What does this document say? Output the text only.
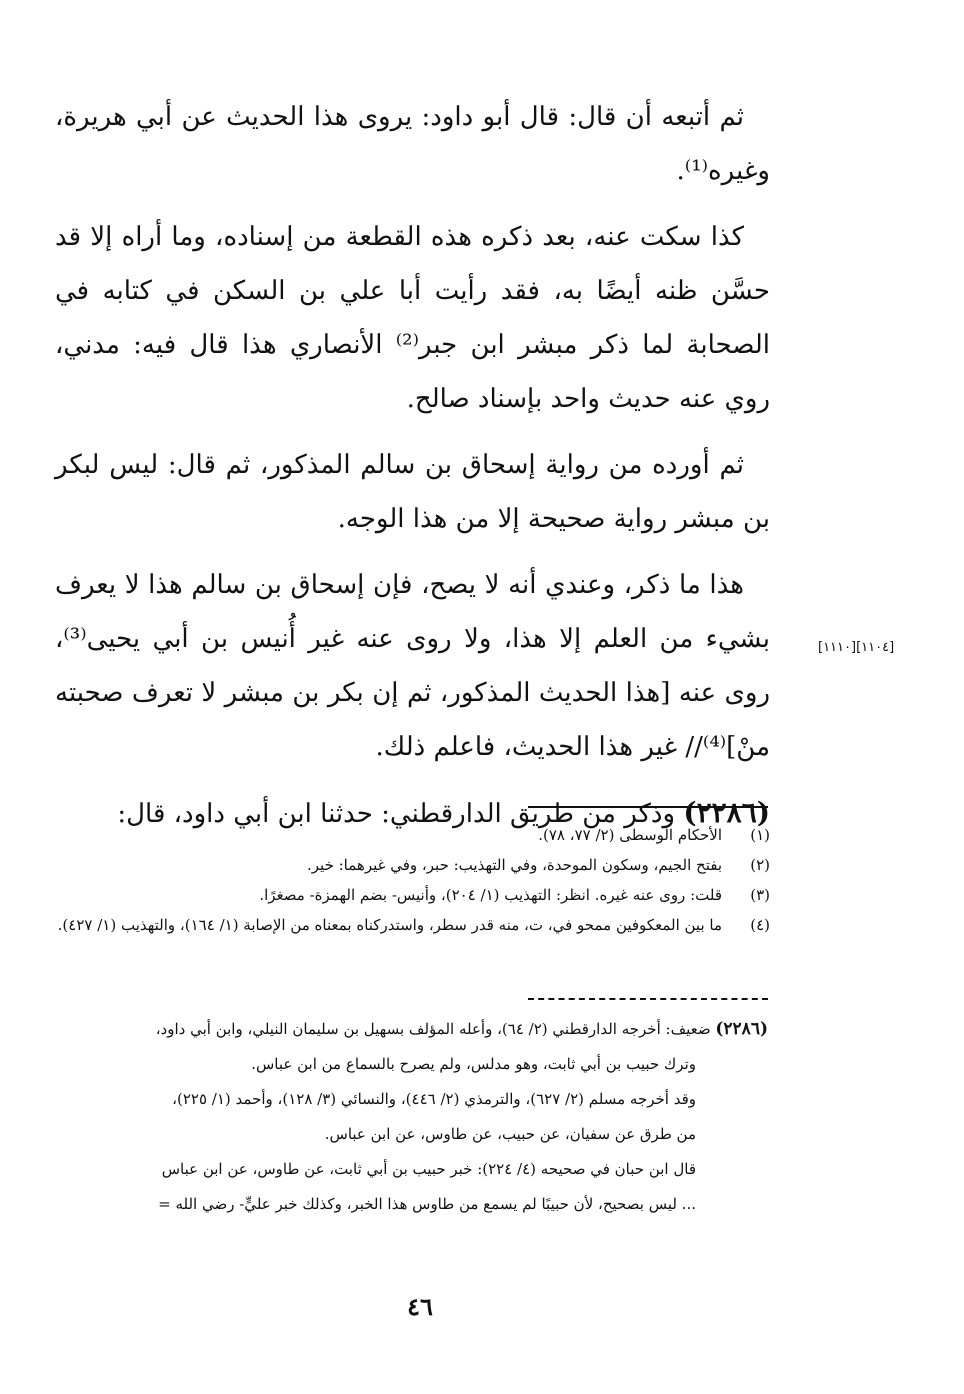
ثم أتبعه أن قال: قال أبو داود: يروى هذا الحديث عن أبي هريرة، وغيره⁽¹⁾.

كذا سكت عنه، بعد ذكره هذه القطعة من إسناده، وما أراه إلا قد حسَّن ظنه أيضًا به، فقد رأيت أبا علي بن السكن في كتابه في الصحابة لما ذكر مبشر ابن جبر⁽²⁾ الأنصاري هذا قال فيه: مدني، روي عنه حديث واحد بإسناد صالح.

ثم أورده من رواية إسحاق بن سالم المذكور، ثم قال: ليس لبكر بن مبشر رواية صحيحة إلا من هذا الوجه.

هذا ما ذكر، وعندي أنه لا يصح، فإن إسحاق بن سالم هذا لا يعرف بشيء من العلم إلا هذا، ولا روى عنه غير أُنيس بن أبي يحيى⁽³⁾، روى عنه [هذا الحديث المذكور، ثم إن بكر بن مبشر لا تعرف صحبته منْ]⁽⁴⁾// غير هذا الحديث، فاعلم ذلك.

(٢٢٨٦) وذكر من طريق الدارقطني: حدثنا ابن أبي داود، قال:

[١١١٠][١١٠٤]

(١)
الأحكام الوسطى (٢/ ٧٧، ٧٨).

(٢)
بفتح الجيم، وسكون الموحدة، وفي التهذيب: حبر، وفي غيرهما: خير.

(٣)
قلت: روى عنه غيره. انظر: التهذيب (١/ ٢٠٤)، وأنيس- بضم الهمزة- مصغرًا.

(٤)
ما بين المعكوفين ممحو في، ت، منه قدر سطر، واستدركناه بمعناه من الإصابة (١/ ١٦٤)، والتهذيب (١/ ٤٢٧).

(٢٢٨٦) ضعيف: أخرجه الدارقطني (٢/ ٦٤)، وأعله المؤلف بسهيل بن سليمان النيلي، وابن أبي داود،

وترك حبيب بن أبي ثابت، وهو مدلس، ولم يصرح بالسماع من ابن عباس.

وقد أخرجه مسلم (٢/ ٦٢٧)، والترمذي (٢/ ٤٤٦)، والنسائي (٣/ ١٢٨)، وأحمد (١/ ٢٢٥)،

من طرق عن سفيان، عن حبيب، عن طاوس، عن ابن عباس.

قال ابن حبان في صحيحه (٤/ ٢٢٤): خبر حبيب بن أبي ثابت، عن طاوس، عن ابن عباس

... ليس بصحيح، لأن حبيبًا لم يسمع من طاوس هذا الخبر، وكذلك خبر عليٍّ- رضي الله =

٤٦
